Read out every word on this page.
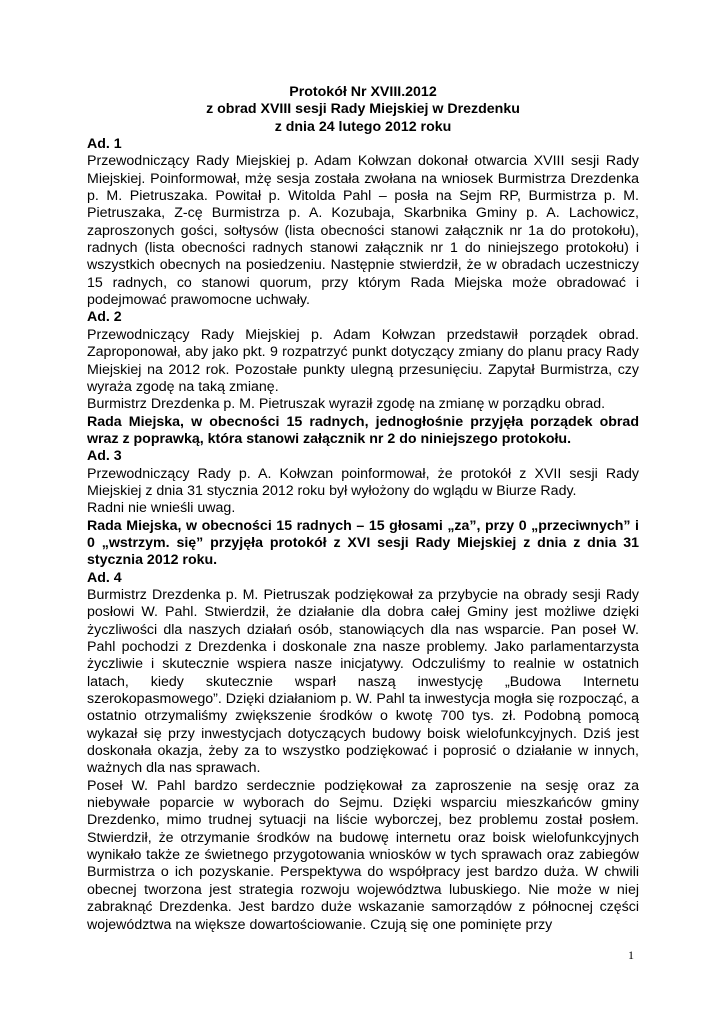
Protokół Nr XVIII.2012
z obrad XVIII sesji Rady Miejskiej w Drezdenku
z dnia 24 lutego 2012 roku
Ad. 1
Przewodniczący Rady Miejskiej p. Adam Kołwzan dokonał otwarcia XVIII sesji Rady Miejskiej. Poinformował, mżę sesja została zwołana na wniosek Burmistrza Drezdenka p. M. Pietruszaka. Powitał p. Witolda Pahl – posła na Sejm RP, Burmistrza p. M. Pietruszaka, Z-cę Burmistrza p. A. Kozubaja, Skarbnika Gminy p. A. Lachowicz, zaproszonych gości, sołtysów (lista obecności stanowi załącznik nr 1a do protokołu), radnych (lista obecności radnych stanowi załącznik nr 1 do niniejszego protokołu) i wszystkich obecnych na posiedzeniu. Następnie stwierdził, że w obradach uczestniczy 15 radnych, co stanowi quorum, przy którym Rada Miejska może obradować i podejmować prawomocne uchwały.
Ad. 2
Przewodniczący Rady Miejskiej p. Adam Kołwzan przedstawił porządek obrad. Zaproponował, aby jako pkt. 9 rozpatrzyć punkt dotyczący zmiany do planu pracy Rady Miejskiej na 2012 rok. Pozostałe punkty ulegną przesunięciu. Zapytał Burmistrza, czy wyraża zgodę na taką zmianę.
Burmistrz Drezdenka p. M. Pietruszak wyraził zgodę na zmianę w porządku obrad.
Rada Miejska, w obecności 15 radnych, jednogłośnie przyjęła porządek obrad wraz z poprawką, która stanowi załącznik nr 2 do niniejszego protokołu.
Ad. 3
Przewodniczący Rady p. A. Kołwzan poinformował, że protokół z XVII sesji Rady Miejskiej z dnia 31 stycznia 2012 roku był wyłożony do wglądu w Biurze Rady.
Radni nie wnieśli uwag.
Rada Miejska, w obecności 15 radnych – 15 głosami „za”, przy 0 „przeciwnych” i 0 „wstrzym. się” przyjęła protokół z XVI sesji Rady Miejskiej z dnia z dnia 31 stycznia 2012 roku.
Ad. 4
Burmistrz Drezdenka p. M. Pietruszak podziękował za przybycie na obrady sesji Rady posłowi W. Pahl. Stwierdził, że działanie dla dobra całej Gminy jest możliwe dzięki życzliwości dla naszych działań osób, stanowiących dla nas wsparcie. Pan poseł W. Pahl pochodzi z Drezdenka i doskonale zna nasze problemy. Jako parlamentarzysta życzliwie i skutecznie wspiera nasze inicjatywy. Odczuliśmy to realnie w ostatnich latach, kiedy skutecznie wsparł naszą inwestycję „Budowa Internetu szerokopasmowego”. Dzięki działaniom p. W. Pahl ta inwestycja mogła się rozpocząć, a ostatnio otrzymaliśmy zwiększenie środków o kwotę 700 tys. zł. Podobną pomocą wykazał się przy inwestycjach dotyczących budowy boisk wielofunkcyjnych. Dziś jest doskonała okazja, żeby za to wszystko podziękować i poprosić o działanie w innych, ważnych dla nas sprawach.
Poseł W. Pahl bardzo serdecznie podziękował za zaproszenie na sesję oraz za niebywałe poparcie w wyborach do Sejmu. Dzięki wsparciu mieszkańców gminy Drezdenko, mimo trudnej sytuacji na liście wyborczej, bez problemu został posłem. Stwierdził, że otrzymanie środków na budowę internetu oraz boisk wielofunkcyjnych wynikało także ze świetnego przygotowania wniosków w tych sprawach oraz zabiegów Burmistrza o ich pozyskanie. Perspektywa do współpracy jest bardzo duża. W chwili obecnej tworzona jest strategia rozwoju województwa lubuskiego. Nie może w niej zabraknąć Drezdenka. Jest bardzo duże wskazanie samorządów z północnej części województwa na większe dowartościowanie. Czują się one pominięte przy
1
